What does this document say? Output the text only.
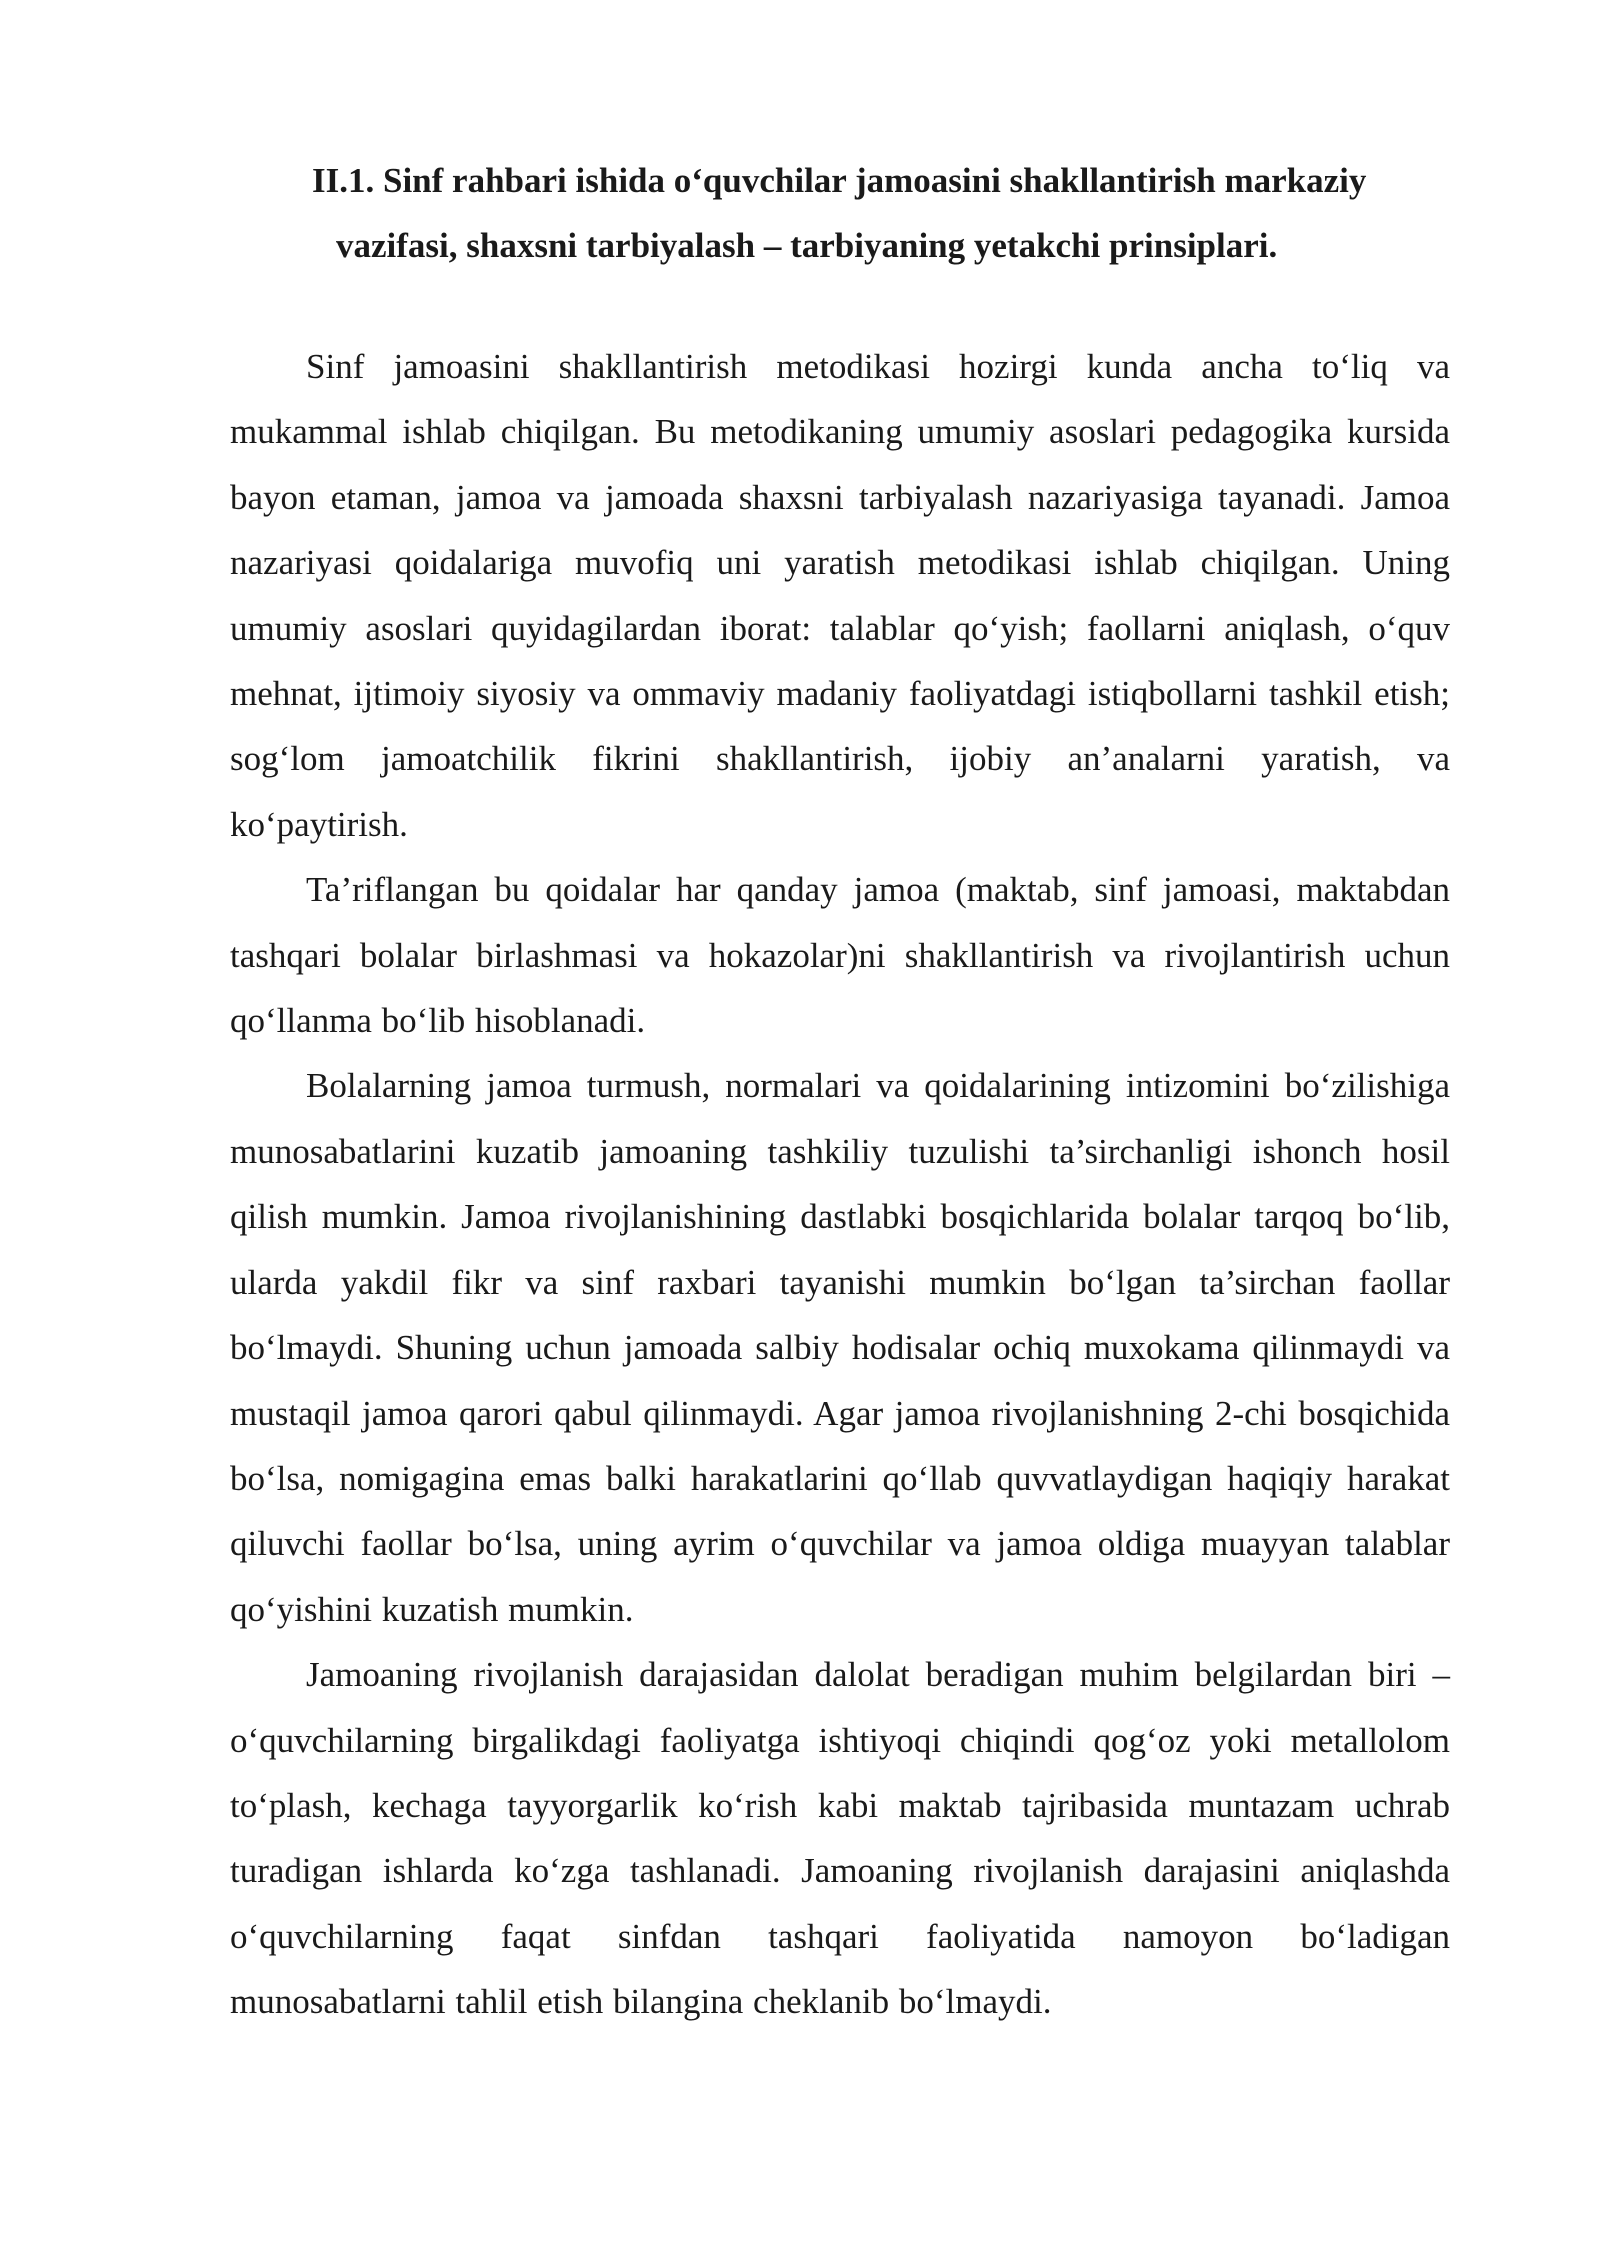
II.1. Sinf rahbari ishida o‘quvchilar jamoasini shakllantirish markaziy
vazifasi, shaxsni tarbiyalash – tarbiyaning yetakchi prinsiplari.

Sinf jamoasini shakllantirish metodikasi hozirgi kunda ancha to‘liq va mukammal ishlab chiqilgan. Bu metodikaning umumiy asoslari pedagogika kursida bayon etaman, jamoa va jamoada shaxsni tarbiyalash nazariyasiga tayanadi. Jamoa nazariyasi qoidalariga muvofiq uni yaratish metodikasi ishlab chiqilgan. Uning umumiy asoslari quyidagilardan iborat: talablar qo‘yish; faollarni aniqlash, o‘quv mehnat, ijtimoiy siyosiy va ommaviy madaniy faoliyatdagi istiqbollarni tashkil etish; sog‘lom jamoatchilik fikrini shakllantirish, ijobiy an’analarni yaratish, va ko‘paytirish.

Ta’riflangan bu qoidalar har qanday jamoa (maktab, sinf jamoasi, maktabdan tashqari bolalar birlashmasi va hokazolar)ni shakllantirish va rivojlantirish uchun qo‘llanma bo‘lib hisoblanadi.

Bolalarning jamoa turmush, normalari va qoidalarining intizomini bo‘zilishiga munosabatlarini kuzatib jamoaning tashkiliy tuzulishi ta’sirchanligi ishonch hosil qilish mumkin. Jamoa rivojlanishining dastlabki bosqichlarida bolalar tarqoq bo‘lib, ularda yakdil fikr va sinf raxbari tayanishi mumkin bo‘lgan ta’sirchan faollar bo‘lmaydi. Shuning uchun jamoada salbiy hodisalar ochiq muxokama qilinmaydi va mustaqil jamoa qarori qabul qilinmaydi. Agar jamoa rivojlanishning 2-chi bosqichida bo‘lsa, nomigagina emas balki harakatlarini qo‘llab quvvatlaydigan haqiqiy harakat qiluvchi faollar bo‘lsa, uning ayrim o‘quvchilar va jamoa oldiga muayyan talablar qo‘yishini kuzatish mumkin.

Jamoaning rivojlanish darajasidan dalolat beradigan muhim belgilardan biri – o‘quvchilarning birgalikdagi faoliyatga ishtiyoqi chiqindi qog‘oz yoki metallolom to‘plash, kechaga tayyorgarlik ko‘rish kabi maktab tajribasida muntazam uchrab turadigan ishlarda ko‘zga tashlanadi. Jamoaning rivojlanish darajasini aniqlashda o‘quvchilarning faqat sinfdan tashqari faoliyatida namoyon bo‘ladigan munosabatlarni tahlil etish bilangina cheklanib bo‘lmaydi.
